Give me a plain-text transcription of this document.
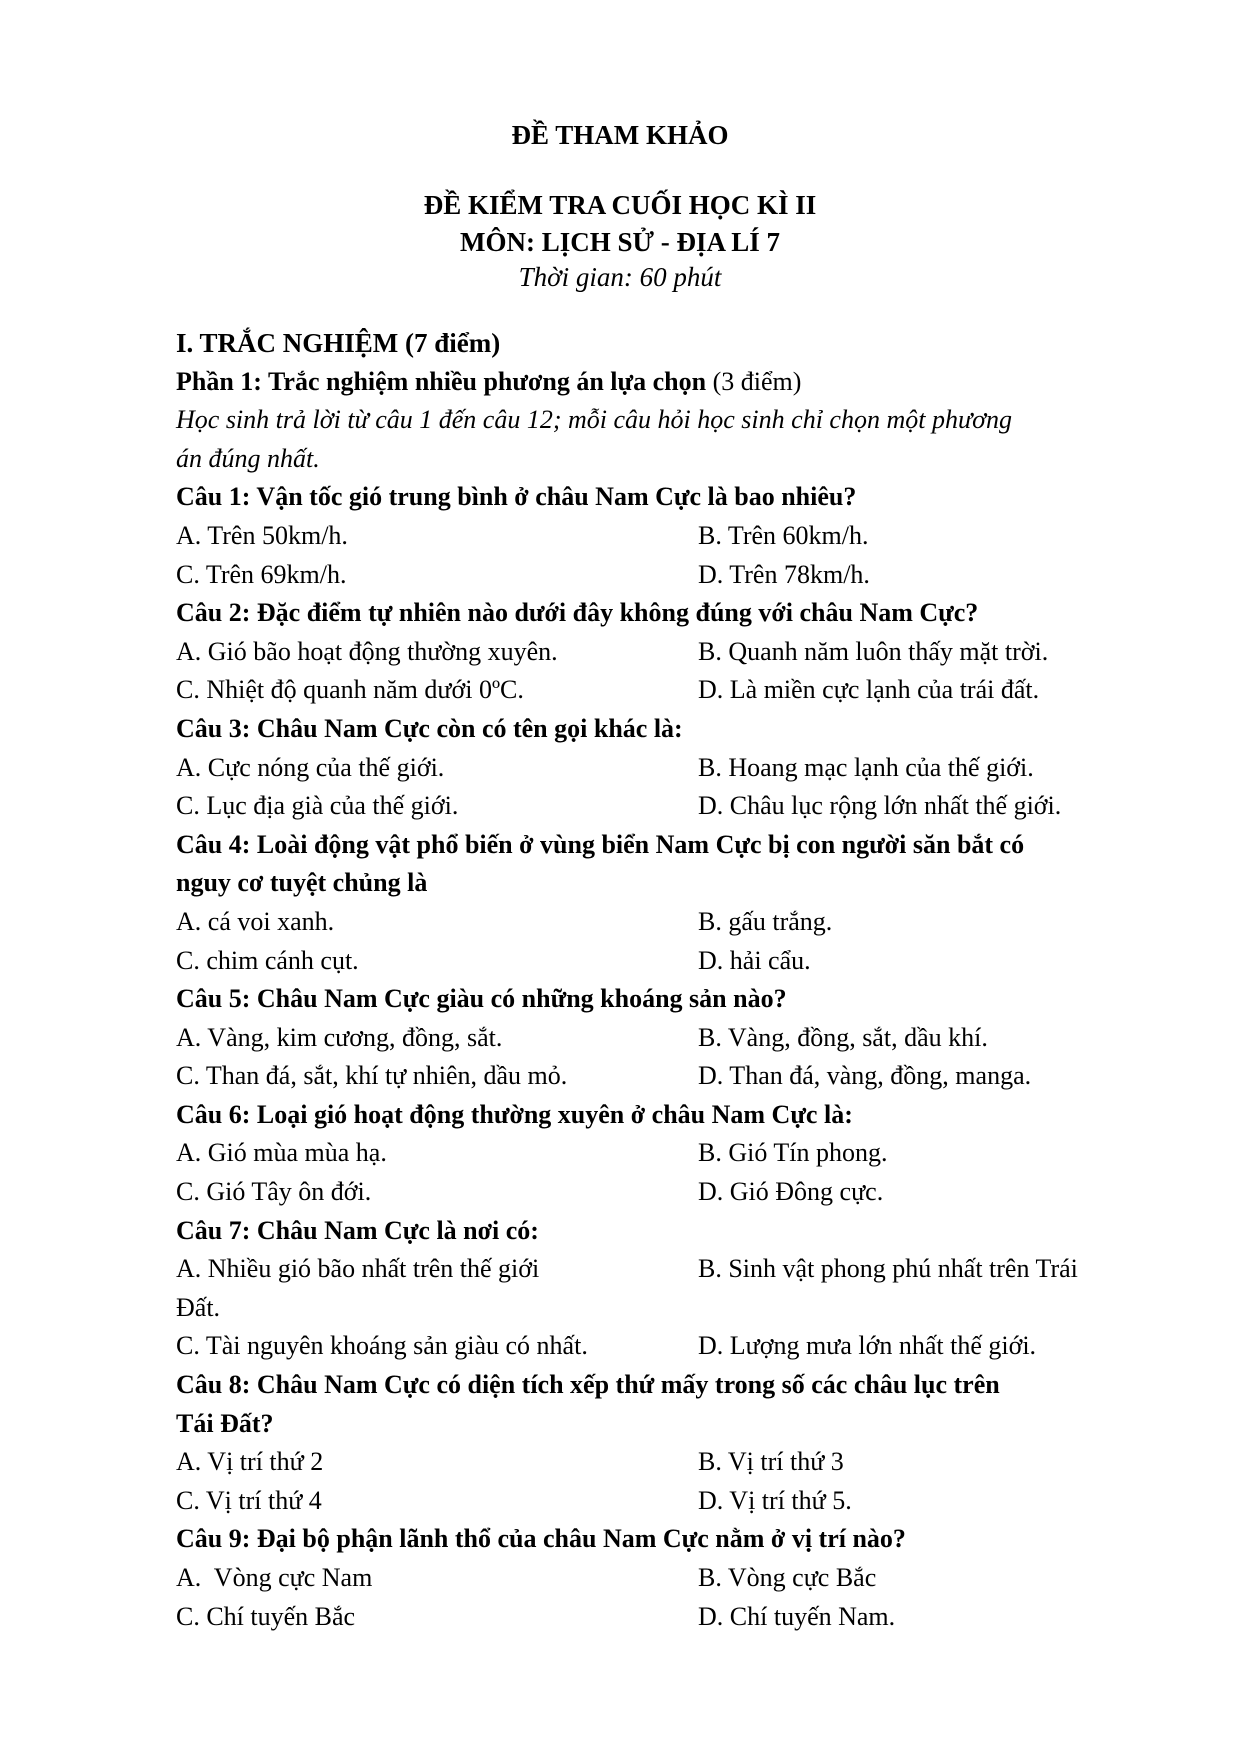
ĐỀ THAM KHẢO
ĐỀ KIỂM TRA CUỐI HỌC KÌ II
MÔN: LỊCH SỬ - ĐỊA LÍ 7
Thời gian: 60 phút
I. TRẮC NGHIỆM (7 điểm)
Phần 1: Trắc nghiệm nhiều phương án lựa chọn (3 điểm)
Học sinh trả lời từ câu 1 đến câu 12; mỗi câu hỏi học sinh chỉ chọn một phương
án đúng nhất.
Câu 1: Vận tốc gió trung bình ở châu Nam Cực là bao nhiêu?
A. Trên 50km/h.	B. Trên 60km/h.
C. Trên 69km/h.	D. Trên 78km/h.
Câu 2: Đặc điểm tự nhiên nào dưới đây không đúng với châu Nam Cực?
A. Gió bão hoạt động thường xuyên.	B. Quanh năm luôn thấy mặt trời.
C. Nhiệt độ quanh năm dưới 0ºC.	D. Là miền cực lạnh của trái đất.
Câu 3: Châu Nam Cực còn có tên gọi khác là:
A. Cực nóng của thế giới.	B. Hoang mạc lạnh của thế giới.
C. Lục địa già của thế giới.	D. Châu lục rộng lớn nhất thế giới.
Câu 4: Loài động vật phổ biến ở vùng biển Nam Cực bị con người săn bắt có
nguy cơ tuyệt chủng là
A. cá voi xanh.	B. gấu trắng.
C. chim cánh cụt.	D. hải cẩu.
Câu 5: Châu Nam Cực giàu có những khoáng sản nào?
A. Vàng, kim cương, đồng, sắt.	B. Vàng, đồng, sắt, dầu khí.
C. Than đá, sắt, khí tự nhiên, dầu mỏ.	D. Than đá, vàng, đồng, manga.
Câu 6: Loại gió hoạt động thường xuyên ở châu Nam Cực là:
A. Gió mùa mùa hạ.	B. Gió Tín phong.
C. Gió Tây ôn đới.	D. Gió Đông cực.
Câu 7: Châu Nam Cực là nơi có:
A. Nhiều gió bão nhất trên thế giới	B. Sinh vật phong phú nhất trên Trái
Đất.
C. Tài nguyên khoáng sản giàu có nhất.	D. Lượng mưa lớn nhất thế giới.
Câu 8: Châu Nam Cực có diện tích xếp thứ mấy trong số các châu lục trên
Tái Đất?
A. Vị trí thứ 2	B. Vị trí thứ 3
C. Vị trí thứ 4	D. Vị trí thứ 5.
Câu 9: Đại bộ phận lãnh thổ của châu Nam Cực nằm ở vị trí nào?
A.  Vòng cực Nam	B. Vòng cực Bắc
C. Chí tuyến Bắc	D. Chí tuyến Nam.
